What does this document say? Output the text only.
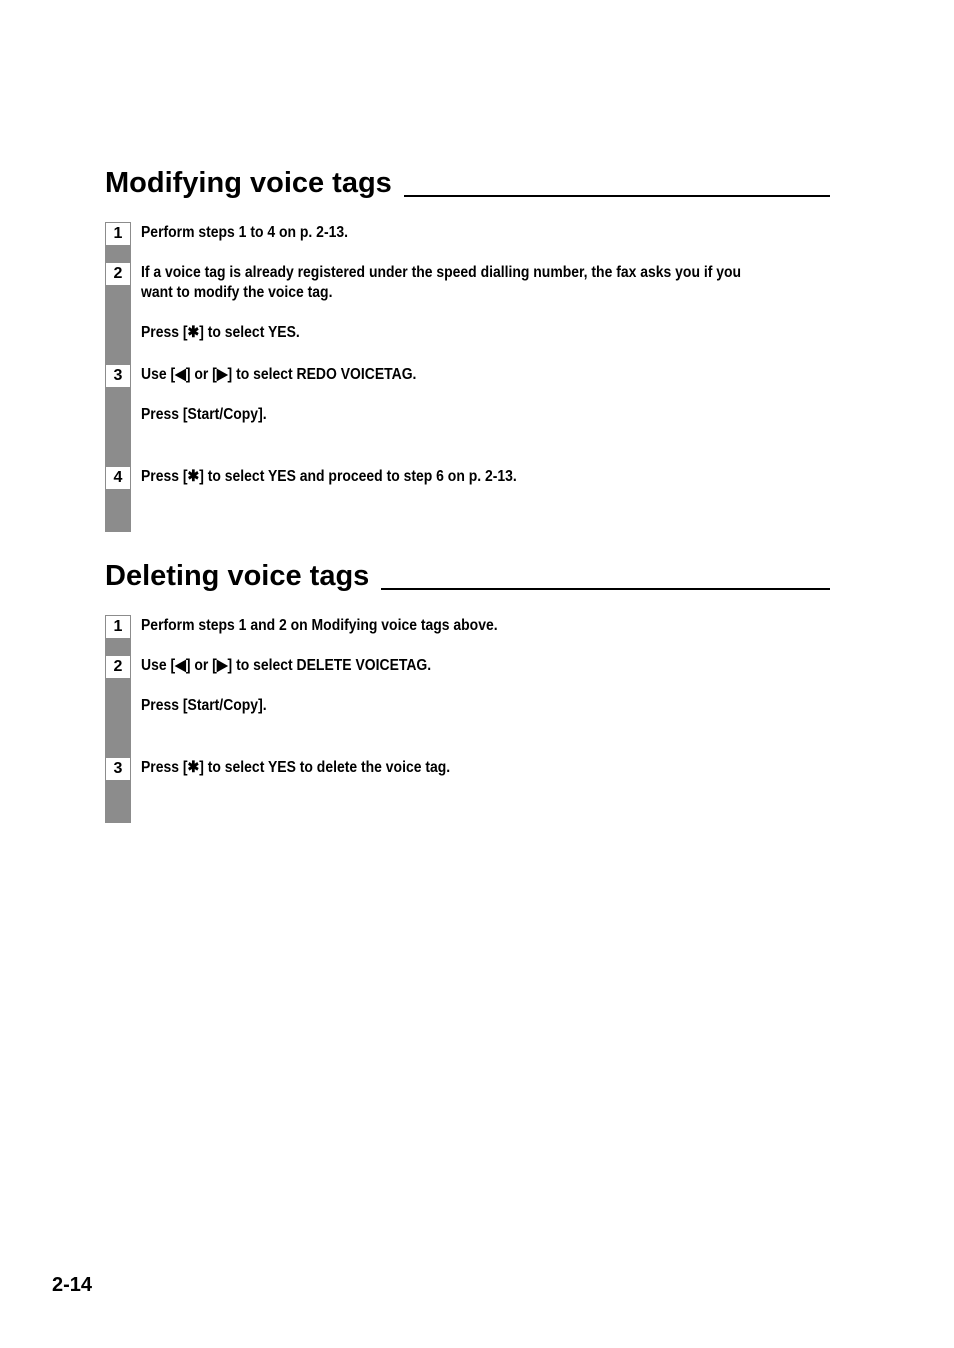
Modifying voice tags
1	Perform steps 1 to 4 on p. 2-13.
2	If a voice tag is already registered under the speed dialling number, the fax asks you if you
want to modify the voice tag.
Press [✱] to select YES.
3	Use [◀] or [▶] to select REDO VOICETAG.
Press [Start/Copy].
4	Press [✱] to select YES and proceed to step 6 on p. 2-13.
Deleting voice tags
1	Perform steps 1 and 2 on Modifying voice tags above.
2	Use [◀] or [▶] to select DELETE VOICETAG.
Press [Start/Copy].
3	Press [✱] to select YES to delete the voice tag.
2-14
